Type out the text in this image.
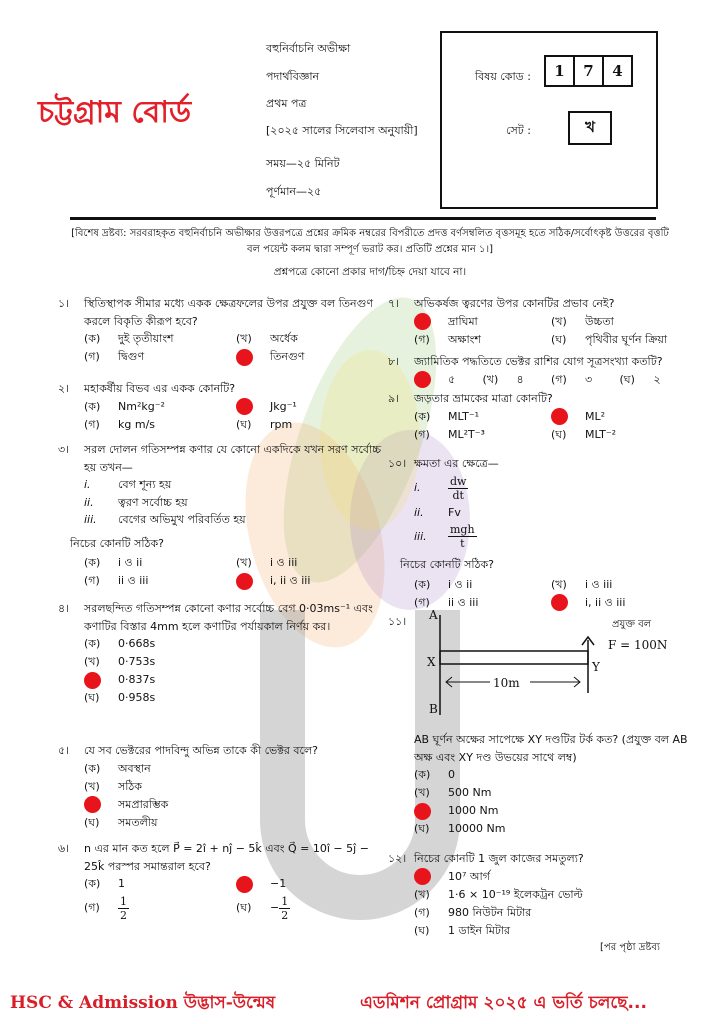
চট্টগ্রাম বোর্ড
বহুনির্বাচনি অভীক্ষা
পদার্থবিজ্ঞান
প্রথম পত্র
[২০২৫ সালের সিলেবাস অনুযায়ী]
সময়—২৫ মিনিট
পূর্ণমান—২৫
বিষয় কোড :	1 7 4
সেট :	খ
[বিশেষ দ্রষ্টব্য: সরবরাহকৃত বহুনির্বাচনি অভীক্ষার উত্তরপত্রে প্রশ্নের ক্রমিক নম্বরের বিপরীতে প্রদত্ত বর্ণসম্বলিত বৃত্তসমূহ হতে সঠিক/সর্বোৎকৃষ্ট উত্তরের বৃত্তটি বল পয়েন্ট কলম দ্বারা সম্পূর্ণ ভরাট কর। প্রতিটি প্রশ্নের মান ১।]
প্রশ্নপত্রে কোনো প্রকার দাগ/চিহ্ন দেয়া যাবে না।
১।	স্থিতিস্থাপক সীমার মধ্যে একক ক্ষেত্রফলের উপর প্রযুক্ত বল তিনগুণ করলে বিকৃতি কীরূপ হবে?
(ক)	দুই তৃতীয়াংশ	(খ)	অর্ধেক
(গ)	দ্বিগুণ	তিনগুণ
২।	মহাকর্ষীয় বিভব এর একক কোনটি?
(ক)	Nm²kg⁻²	Jkg⁻¹
(গ)	kg m/s	(ঘ)	rpm
৩।	সরল দোলন গতিসম্পন্ন কণার যে কোনো একদিকে যখন সরণ সর্বোচ্চ হয় তখন—
i. বেগ শূন্য হয়
ii. ত্বরণ সর্বোচ্চ হয়
iii. বেগের অভিমুখ পরিবর্তিত হয়
নিচের কোনটি সঠিক?
(ক)	i ও ii	(খ)	i ও iii
(গ)	ii ও iii	i, ii ও iii
৪।	সরলছন্দিত গতিসম্পন্ন কোনো কণার সর্বোচ্চ বেগ 0·03ms⁻¹ এবং কণাটির বিস্তার 4mm হলে কণাটির পর্যায়কাল নির্ণয় কর।
(ক)	0·668s
(খ)	0·753s
0·837s
(ঘ)	0·958s
৫।	যে সব ভেক্টরের পাদবিন্দু অভিন্ন তাকে কী ভেক্টর বলে?
(ক)	অবস্থান
(খ)	সঠিক
সমপ্রারম্ভিক
(ঘ)	সমতলীয়
৬।	n এর মান কত হলে P⃗ = 2î + nĵ − 5k̂ এবং Q⃗ = 10î − 5ĵ − 25k̂ পরস্পর সমান্তরাল হবে?
(ক)	1	−1
(গ)	$\frac{1}{2}$	(ঘ)	− $\frac{1}{2}$
৭।	অভিকর্ষজ ত্বরণের উপর কোনটির প্রভাব নেই?
দ্রাঘিমা	(খ)	উচ্চতা
(গ)	অক্ষাংশ	(ঘ)	পৃথিবীর ঘূর্ণন ক্রিয়া
৮।	জ্যামিতিক পদ্ধতিতে ভেক্টর রাশির যোগ সূত্রসংখ্যা কতটি?
৫ (খ)	৪ (গ)	৩ (ঘ)	২
৯।	জড়তার ভ্রামকের মাত্রা কোনটি?
(ক)	MLT⁻¹	ML²
(গ)	ML²T⁻³	(ঘ)	MLT⁻²
১০। ক্ষমতা এর ক্ষেত্রে—
i. $\frac{dw}{dt}$
ii. Fv
iii. $\frac{\text{mgh}}{t}$
নিচের কোনটি সঠিক?
(ক)	i ও ii	(খ)	i ও iii
(গ)	ii ও iii	i, ii ও iii
১১।
AB ঘূর্ণন অক্ষের সাপেক্ষে XY দণ্ডটির টর্ক কত? (প্রযুক্ত বল AB অক্ষ এবং XY দণ্ড উভয়ের সাথে লম্ব)
(ক)	0
(খ)	500 Nm
1000 Nm
(ঘ)	10000 Nm
১২। নিচের কোনটি 1 জুল কাজের সমতুল্য?
10⁷ আর্গ
(খ)	1·6 × 10⁻¹⁹ ইলেকট্রন ভোল্ট
(গ)	980 নিউটন মিটার
(ঘ)	1 ডাইন মিটার
A
B
X	Y
10m
প্রযুক্ত বল
F = 100N
[পর পৃষ্ঠা দ্রষ্টব্য
HSC & Admission উদ্ভাস-উন্মেষ	এডমিশন প্রোগ্রাম ২০২৫ এ ভর্তি চলছে...
